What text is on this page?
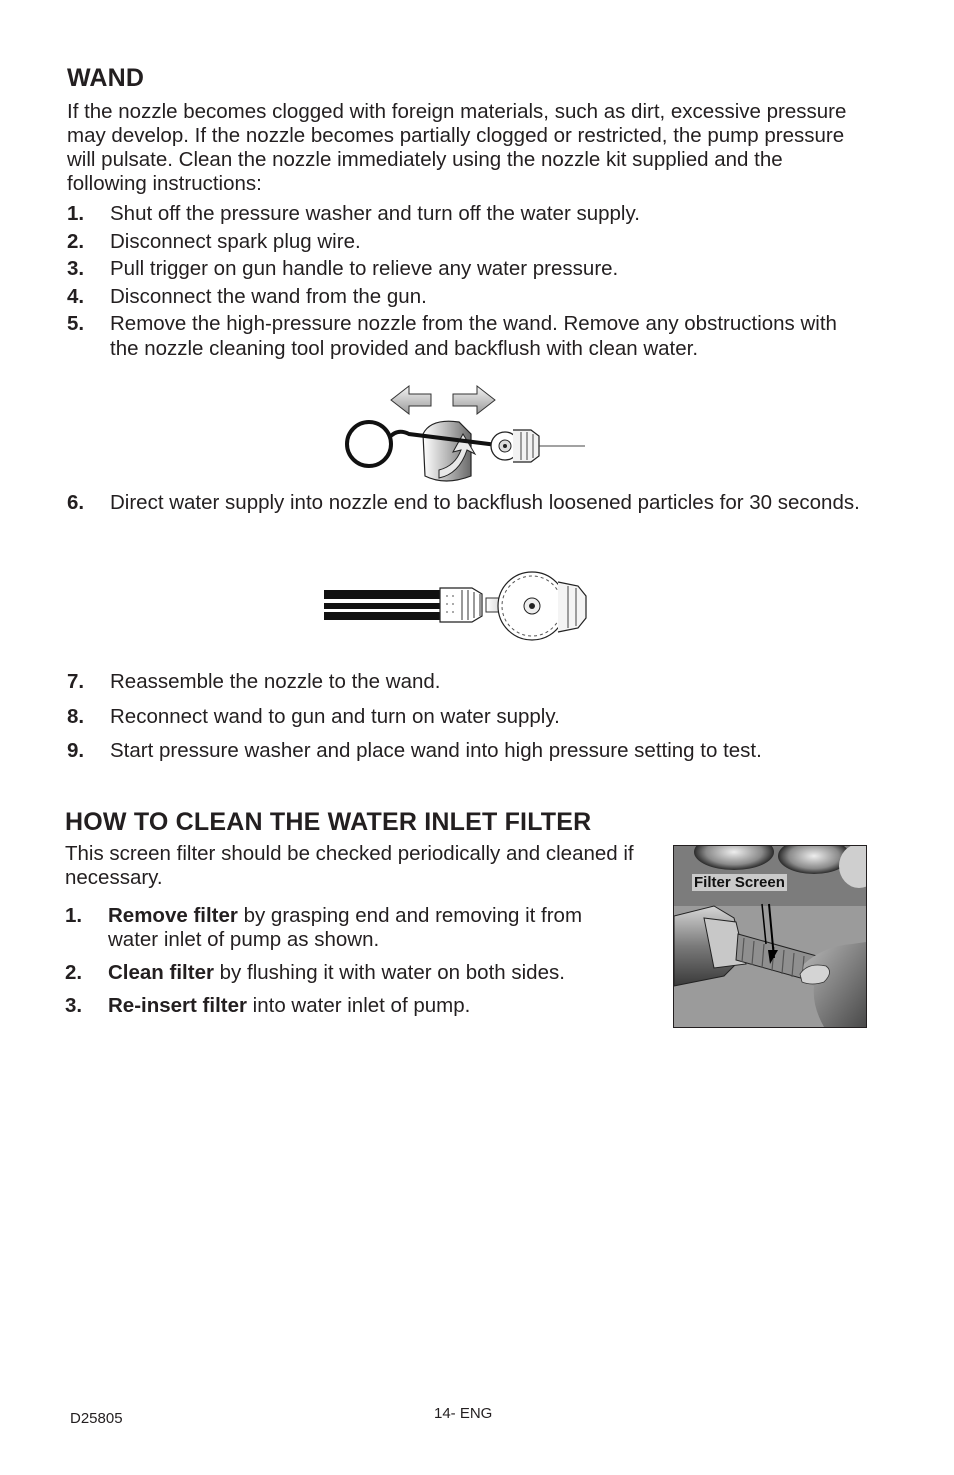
WAND
If the nozzle becomes clogged with foreign materials, such as dirt, excessive pressure may develop. If the nozzle becomes partially clogged or restricted, the pump pressure will pulsate. Clean the nozzle immediately using the nozzle kit supplied and the following instructions:
1. Shut off the pressure washer and turn off the water supply.
2. Disconnect spark plug wire.
3. Pull trigger on gun handle to relieve any water pressure.
4. Disconnect the wand from the gun.
5. Remove the high-pressure nozzle from the wand. Remove any obstructions with the nozzle cleaning tool provided and backflush with clean water.
6. Direct water supply into nozzle end to backflush loosened particles for 30 seconds.
7. Reassemble the nozzle to the wand.
8. Reconnect wand to gun and turn on water supply.
9. Start pressure washer and place wand into high pressure setting to test.
HOW TO CLEAN THE WATER INLET FILTER
This screen filter should be checked periodically and cleaned if necessary.
1. Remove filter by grasping end and removing it from water inlet of pump as shown.
2. Clean filter by flushing it with water on both sides.
3. Re-insert filter into water inlet of pump.
Filter Screen
D25805	14- ENG
